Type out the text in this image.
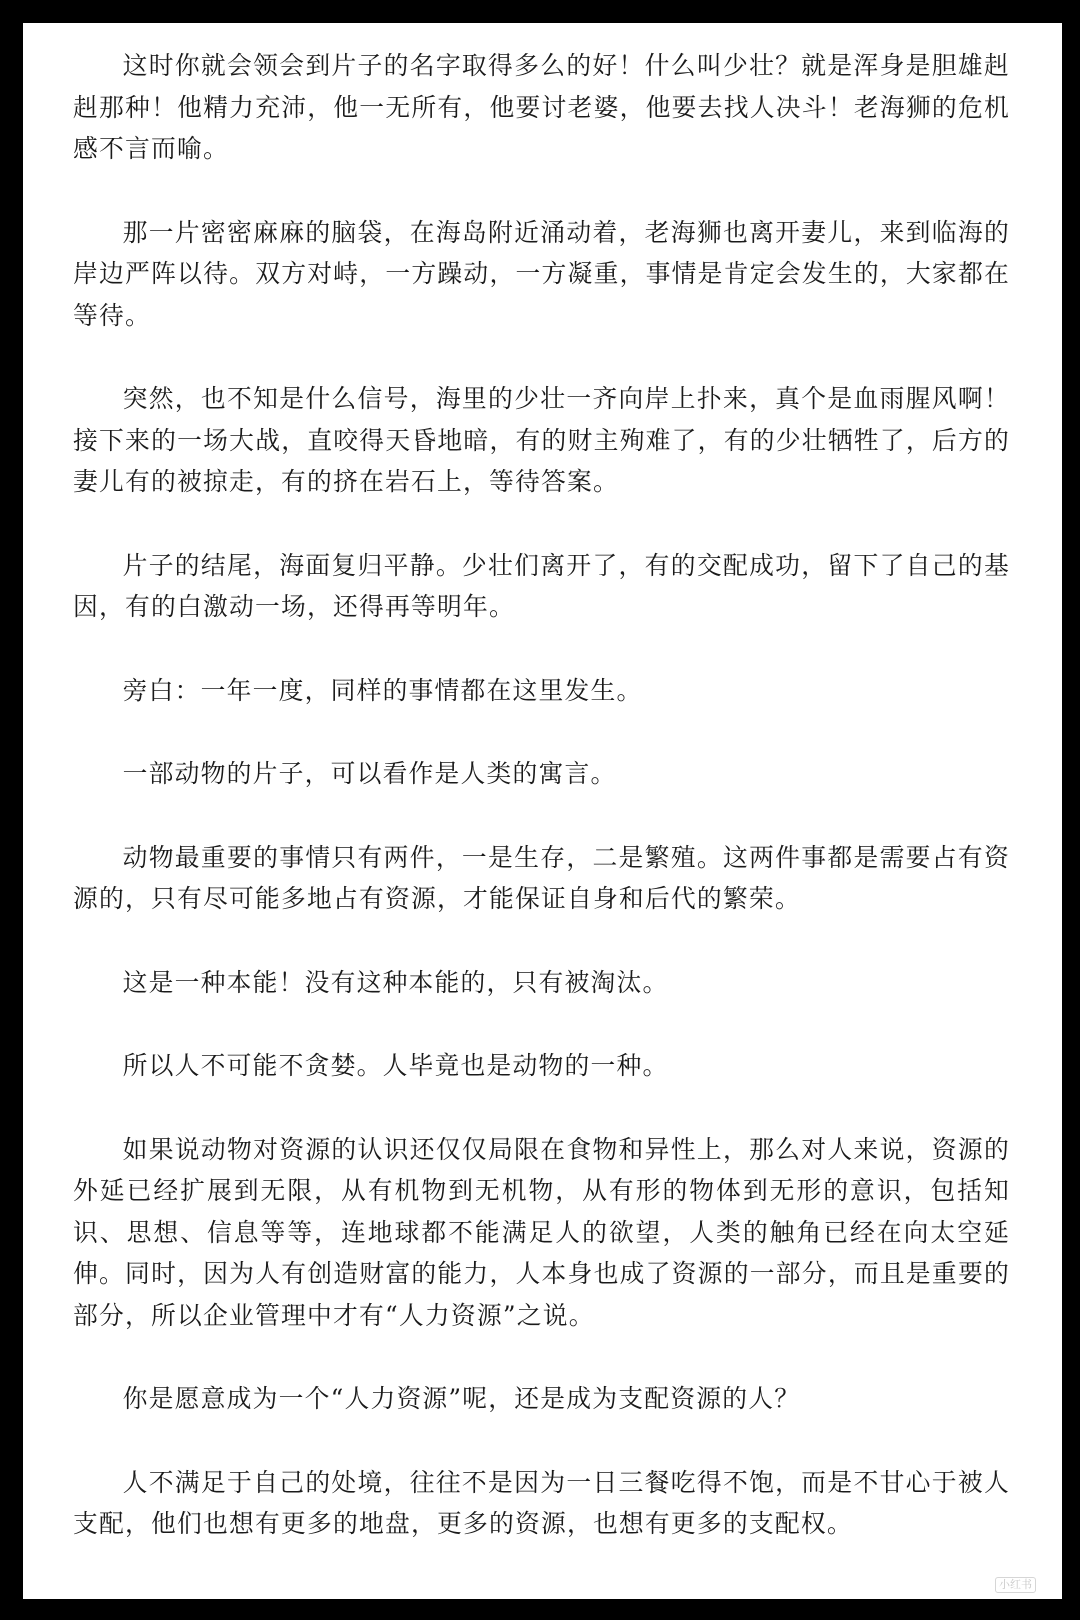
这时你就会领会到片子的名字取得多么的好！什么叫少壮？就是浑身是胆雄赳赳那种！他精力充沛，他一无所有，他要讨老婆，他要去找人决斗！老海狮的危机感不言而喻。

那一片密密麻麻的脑袋，在海岛附近涌动着，老海狮也离开妻儿，来到临海的岸边严阵以待。双方对峙，一方躁动，一方凝重，事情是肯定会发生的，大家都在等待。

突然，也不知是什么信号，海里的少壮一齐向岸上扑来，真个是血雨腥风啊！接下来的一场大战，直咬得天昏地暗，有的财主殉难了，有的少壮牺牲了，后方的妻儿有的被掠走，有的挤在岩石上，等待答案。

片子的结尾，海面复归平静。少壮们离开了，有的交配成功，留下了自己的基因，有的白激动一场，还得再等明年。

旁白：一年一度，同样的事情都在这里发生。

一部动物的片子，可以看作是人类的寓言。

动物最重要的事情只有两件，一是生存，二是繁殖。这两件事都是需要占有资源的，只有尽可能多地占有资源，才能保证自身和后代的繁荣。

这是一种本能！没有这种本能的，只有被淘汰。

所以人不可能不贪婪。人毕竟也是动物的一种。

如果说动物对资源的认识还仅仅局限在食物和异性上，那么对人来说，资源的外延已经扩展到无限，从有机物到无机物，从有形的物体到无形的意识，包括知识、思想、信息等等，连地球都不能满足人的欲望，人类的触角已经在向太空延伸。同时，因为人有创造财富的能力，人本身也成了资源的一部分，而且是重要的部分，所以企业管理中才有“人力资源”之说。

你是愿意成为一个“人力资源”呢，还是成为支配资源的人？

人不满足于自己的处境，往往不是因为一日三餐吃得不饱，而是不甘心于被人支配，他们也想有更多的地盘，更多的资源，也想有更多的支配权。

小红书
